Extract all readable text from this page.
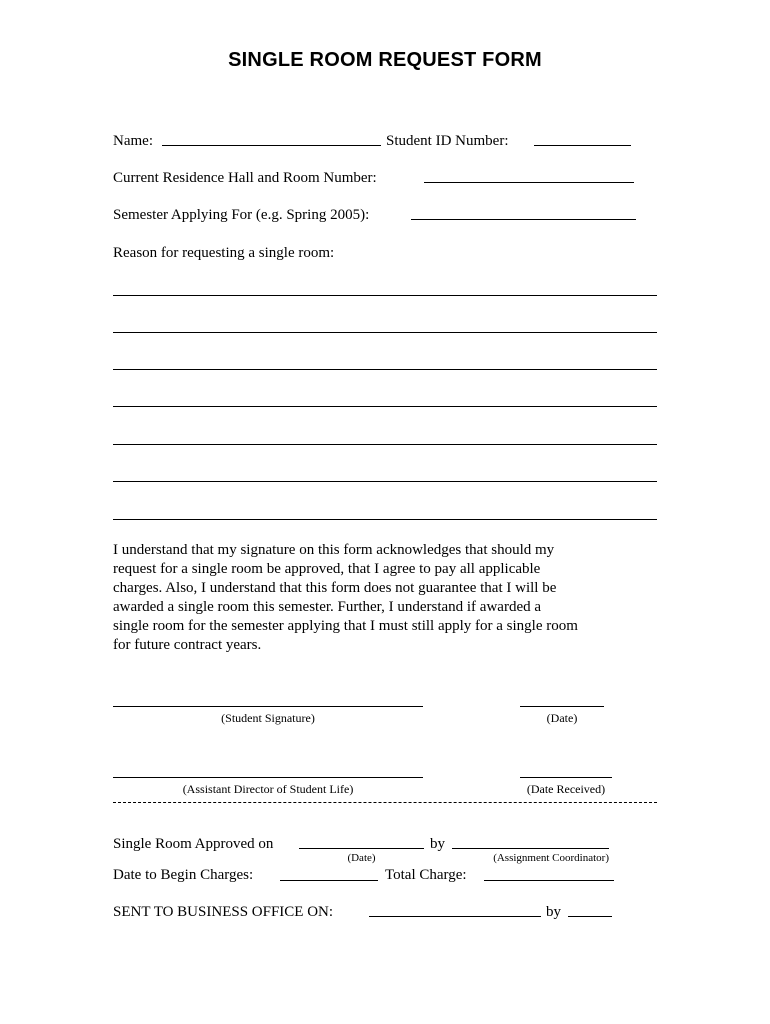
SINGLE ROOM REQUEST FORM
Name:	Student ID Number:
Current Residence Hall and Room Number:
Semester Applying For (e.g. Spring 2005):
Reason for requesting a single room:
I understand that my signature on this form acknowledges that should my
request for a single room be approved, that I agree to pay all applicable
charges. Also, I understand that this form does not guarantee that I will be
awarded a single room this semester. Further, I understand if awarded a
single room for the semester applying that I must still apply for a single room
for future contract years.
(Student Signature)	(Date)
(Assistant Director of Student Life)	(Date Received)
Single Room Approved on	by
(Date)	(Assignment Coordinator)
Date to Begin Charges:	Total Charge:
SENT TO BUSINESS OFFICE ON:	by
